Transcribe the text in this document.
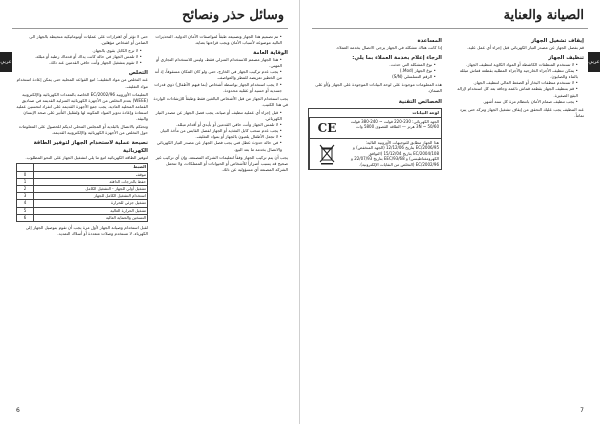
وسائل حذر ونصائح
عربي

حتى لا تؤثر أي اهتزازات على عمليات أوتوماتيكية منحيطة بالجهاز الى الضامن أو اشخاص مؤهلين.

• لا ترج الكابل بقوى بالجهاز.
• لا تلمس الجهاز في حالة كانت يداك أو قدماك رطبة أو مبللة.
• لا تقوم بتشغيل الجهاز وأنت حافي القدمين عند ذلك.
التخلص

عند التخلص من مواد التغليف: اتبع القواعد المحلية حتى يمكن إعادة استخدام مواد التغليف.

التعليمات الأوروبية 2002/96/EC الخاصة بالمعدات الكهربائية والإلكترونية (WEEE) بعدم التخلص من الأجهزة الكهربائية المنزلية القديمة في صناديق القمامة المحلية العادية. يجب جمع الأجهزة القديمة على انفراد لتحسين عملية استعادة وإعادة تدوير المواد المكونة لها ولتقليل التأثير على صحة الإنسان والبيئة.

وتحثكم بالاتصال بالبلدية أو المجلس المحلي لديكم للحصول على المعلومات حول التخلص من الأجهزة الكهربائية والإلكترونية القديمة.

نصيحة عملية لاستخدام الجهاز لتوفير الطاقة الكهربائية

لتوفير الطاقة الكهربائية اتبع ما يلي لتشغيل الجهاز على النحو المطلوب.

الضبط	
موقف	0
حفظ بالدرجات الدافئة	1
تشغيل أولي للجهاز - التشغيل الكامل	2
استخدام التشغيل الكامل للجهاز	3
تشغيل جزئي للحرارة	4
تشغيل الحرارة العالية	5
التسخين والحماية العالية	6

لقبل استخدام وصيانة الجهاز لأول مرة يجب أن تقوم بتوصيل الجهاز إلى الكهرباء، لا تستخدم وصلات متعددة أو أسلاك التمديد.

• تم تصميم هذا الجهاز وتصنيعه طبقاً لمواصفات الأمان الدولية. التحذيرات التالية موضوعة لأسباب الأمان ويجب قراءتها بعناية.
الوقاية العامة
• هذا الجهاز مصمم للاستخدام المنزلي فقط، وليس للاستخدام التجاري أو المهني.
• يجب عدم تركيب الجهاز في الخارج، حتى ولو كان المكان مسقوفاً، إذ أنه من الخطير تعريضه للمطر والعواصف.
• لا يجب استخدام الجهاز بواسطة أشخاص (بما فيهم الأطفال) ذوي قدرات جسدية أو حسية أو عقلية محدودة.

يجب استخدام الجهاز من قبل الأشخاص البالغين فقط وطبقاً للإرشادات الواردة في هذا الكتيب.

• قبل إجراء أي عملية تنظيف أو صيانة، يجب فصل الجهاز عن مصدر التيار الكهربائي.
• لا تلمس الجهاز وأنت حافي القدمين أو بأيدي أو أقدام مبللة.
• يجب عدم سحب كابل التغذية أو الجهاز لفصل القابس من مأخذ التيار.
• لا تجعل الأطفال يلعبون بالجهاز أو بمواد التغليف.
• في حالة حدوث عطل فني يجب فصل الجهاز عن مصدر التيار الكهربائي والاتصال بخدمة ما بعد البيع.

يجب أن يتم تركيب الجهاز وفقاً لتعليمات الشركة المصنعة، وإن أي تركيب غير صحيح قد يسبب أضراراً للأشخاص أو الحيوانات أو الممتلكات، ولا تتحمل الشركة المصنعة أي مسؤولية عن ذلك.

6
الصيانة والعناية
عربي
إيقاف تشغيل الجهاز

قم بفصل الجهاز عن مصدر التيار الكهربائي قبل إجراء أي عمل عليه.

تنظيف الجهاز
• لا تستخدم المنظفات الكاشطة أو المواد الكاوية لتنظيف الجهاز.
• يمكن تنظيف الأجزاء الخارجية والأجزاء المطلية بقطعة قماش مبللة بالماء والصابون.
• لا تستخدم منظفات البخار أو الضغط العالي لتنظيف الجهاز.
• قم بتنظيف الجهاز بقطعة قماش ناعمة وجافة بعد كل استخدام لإزالة البقع الصغيرة.
• يجب تنظيف صمام الأمان بانتظام مرة كل ستة أشهر.

عند التنظيف يجب عليك التحقق من إيقاف تشغيل الجهاز وتركه حتى يبرد تماماً.

المساعدة

إذا كانت هناك مشكلة في الجهاز يرجى الاتصال بخدمة العملاء.

الرجاء إعلام بخدمة العملاء بما يلي:
• نوع المشكلة التي حدثت.
• نوع الجهاز (Mod.)
• الرقم التسلسلي (S/N)

هذه المعلومات موجودة على لوحة البيانات الموجودة على الجهاز و/أو على الضمان.

الخصائص التقنية
لوحة البيانات
الجهد الكهربائي: 230-220 فولت ~ 240-380 فولت 3N ~ 50/60 هرتز — الطاقة القصوى 5800 وات
CE
هذا الجهاز مطابق للتوجيهات الأوروبية التالية: 2006/95/EC بتاريخ 12/12/06 (الجهد المنخفض) و 2004/108/EC بتاريخ 15/12/04 (التوافق الكهرومغناطيسي) و 93/68/EEC بتاريخ 22/07/93 و 2002/96/EC (التخلص من النفايات الإلكترونية).
7
